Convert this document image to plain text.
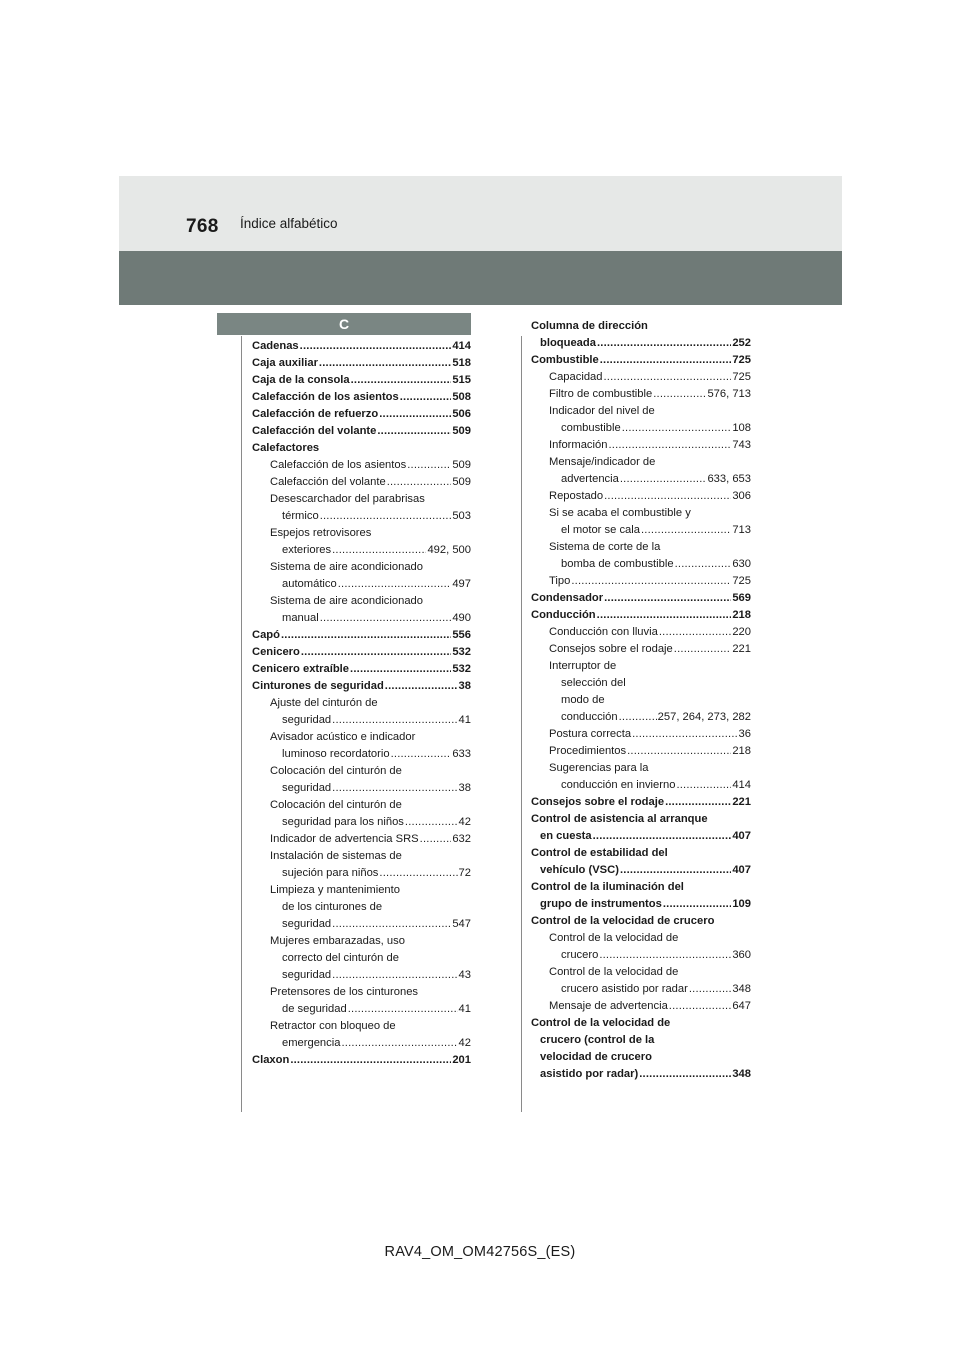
768 Índice alfabético
C
Cadenas .....	414
Caja auxiliar .....	518
Caja de la consola .....	515
Calefacción de los asientos .....	508
Calefacción de refuerzo .....	506
Calefacción del volante .....	509
Calefactores
Calefacción de los asientos .....	509
Calefacción del volante .....	509
Desescarchador del parabrisas
térmico .....	503
Espejos retrovisores
exteriores .....	492, 500
Sistema de aire acondicionado
automático .....	497
Sistema de aire acondicionado
manual .....	490
Capó .....	556
Cenicero .....	532
Cenicero extraíble .....	532
Cinturones de seguridad .....	38
Ajuste del cinturón de
seguridad .....	41
Avisador acústico e indicador
luminoso recordatorio .....	633
Colocación del cinturón de
seguridad .....	38
Colocación del cinturón de
seguridad para los niños .....	42
Indicador de advertencia SRS .....	632
Instalación de sistemas de
sujeción para niños .....	72
Limpieza y mantenimiento
de los cinturones de
seguridad .....	547
Mujeres embarazadas, uso
correcto del cinturón de
seguridad .....	43
Pretensores de los cinturones
de seguridad .....	41
Retractor con bloqueo de
emergencia .....	42
Claxon .....	201
Columna de dirección
bloqueada .....	252
Combustible .....	725
Capacidad .....	725
Filtro de combustible .....	576, 713
Indicador del nivel de
combustible .....	108
Información .....	743
Mensaje/indicador de
advertencia .....	633, 653
Repostado .....	306
Si se acaba el combustible y
el motor se cala .....	713
Sistema de corte de la
bomba de combustible .....	630
Tipo .....	725
Condensador .....	569
Conducción .....	218
Conducción con lluvia .....	220
Consejos sobre el rodaje .....	221
Interruptor de
selección del
modo de
conducción .....	257, 264, 273, 282
Postura correcta .....	36
Procedimientos .....	218
Sugerencias para la
conducción en invierno .....	414
Consejos sobre el rodaje .....	221
Control de asistencia al arranque
en cuesta .....	407
Control de estabilidad del
vehículo (VSC) .....	407
Control de la iluminación del
grupo de instrumentos .....	109
Control de la velocidad de crucero
Control de la velocidad de
crucero .....	360
Control de la velocidad de
crucero asistido por radar .....	348
Mensaje de advertencia .....	647
Control de la velocidad de
crucero (control de la
velocidad de crucero
asistido por radar) .....	348
RAV4_OM_OM42756S_(ES)
